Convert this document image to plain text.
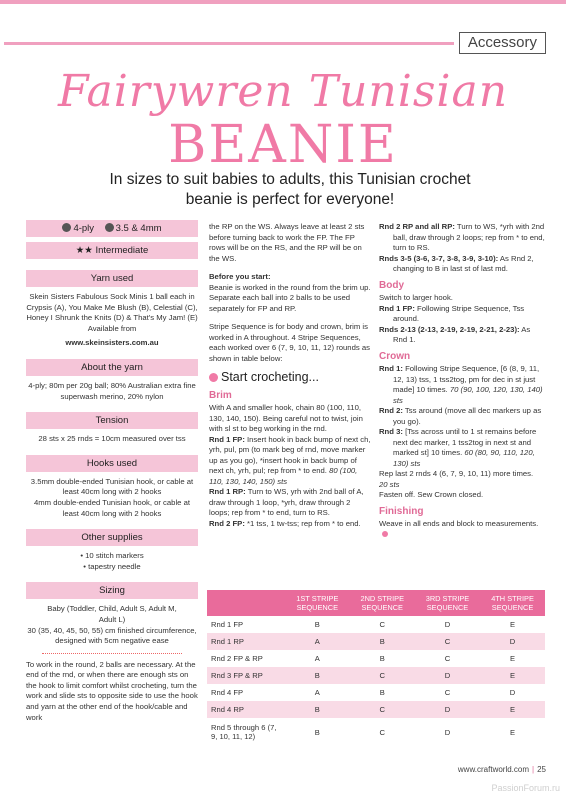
Accessory
Fairywren Tunisian
BEANIE
In sizes to suit babies to adults, this Tunisian crochet beanie is perfect for everyone!
4-ply 3.5 & 4mm
★★ Intermediate
Yarn used
Skein Sisters Fabulous Sock Minis 1 ball each in Crypsis (A), You Make Me Blush (B), Celestial (C), Honey I Shrunk the Knits (D) & That's My Jam! (E) Available from
www.skeinsisters.com.au
About the yarn
4-ply; 80m per 20g ball; 80% Australian extra fine superwash merino, 20% nylon
Tension
28 sts x 25 rnds = 10cm measured over tss
Hooks used
3.5mm double-ended Tunisian hook, or cable at least 40cm long with 2 hooks
4mm double-ended Tunisian hook, or cable at least 40cm long with 2 hooks
Other supplies
• 10 stitch markers
• tapestry needle
Sizing
Baby (Toddler, Child, Adult S, Adult M, Adult L)
30 (35, 40, 45, 50, 55) cm finished circumference, designed with 5cm negative ease
To work in the round, 2 balls are necessary. At the end of the rnd, or when there are enough sts on the hook to limit comfort whilst crocheting, turn the work and slide sts to opposite side to use the hook and yarn at the other end of the hook/cable and work
the RP on the WS. Always leave at least 2 sts before turning back to work the FP. The FP rows will be on the RS, and the RP will be on the WS.
Before you start:
Beanie is worked in the round from the brim up. Separate each ball into 2 balls to be used separately for FP and RP.
Stripe Sequence is for body and crown, brim is worked in A throughout. 4 Stripe Sequences, each worked over 6 (7, 9, 10, 11, 12) rounds as shown in table below:
Start crocheting...
Brim
With A and smaller hook, chain 80 (100, 110, 130, 140, 150). Being careful not to twist, join with sl st to beg working in the rnd.
Rnd 1 FP: Insert hook in back bump of next ch, yrh, pul, pm (to mark beg of rnd, move marker up as you go), *insert hook in back bump of next ch, yrh, pul; rep from * to end. 80 (100, 110, 130, 140, 150) sts
Rnd 1 RP: Turn to WS, yrh with 2nd ball of A, draw through 1 loop, *yrh, draw through 2 loops; rep from * to end, turn to RS.
Rnd 2 FP: *1 tss, 1 tw-tss; rep from * to end.
Rnd 2 RP and all RP: Turn to WS, *yrh with 2nd ball, draw through 2 loops; rep from * to end, turn to RS.
Rnds 3-5 (3-6, 3-7, 3-8, 3-9, 3-10): As Rnd 2, changing to B in last st of last md.
Body
Switch to larger hook.
Rnd 1 FP: Following Stripe Sequence, Tss around.
Rnds 2-13 (2-13, 2-19, 2-19, 2-21, 2-23): As Rnd 1.
Crown
Rnd 1: Following Stripe Sequence, [6 (8, 9, 11, 12, 13) tss, 1 tss2tog, pm for dec in st just made] 10 times. 70 (90, 100, 120, 130, 140) sts
Rnd 2: Tss around (move all dec markers up as you go).
Rnd 3: [Tss across until to 1 st remains before next dec marker, 1 tss2tog in next st and marked st] 10 times. 60 (80, 90, 110, 120, 130) sts
Rep last 2 rnds 4 (6, 7, 9, 10, 11) more times.
20 sts
Fasten off. Sew Crown closed.
Finishing
Weave in all ends and block to measurements.
	1ST STRIPE SEQUENCE	2ND STRIPE SEQUENCE	3RD STRIPE SEQUENCE	4TH STRIPE SEQUENCE
Rnd 1 FP	B	C	D	E
Rnd 1 RP	A	B	C	D
Rnd 2 FP & RP	A	B	C	E
Rnd 3 FP & RP	B	C	D	E
Rnd 4 FP	A	B	C	D
Rnd 4 RP	B	C	D	E
Rnd 5 through 6 (7, 9, 10, 11, 12)	B	C	D	E
www.craftworld.com | 25
PassionForum.ru
